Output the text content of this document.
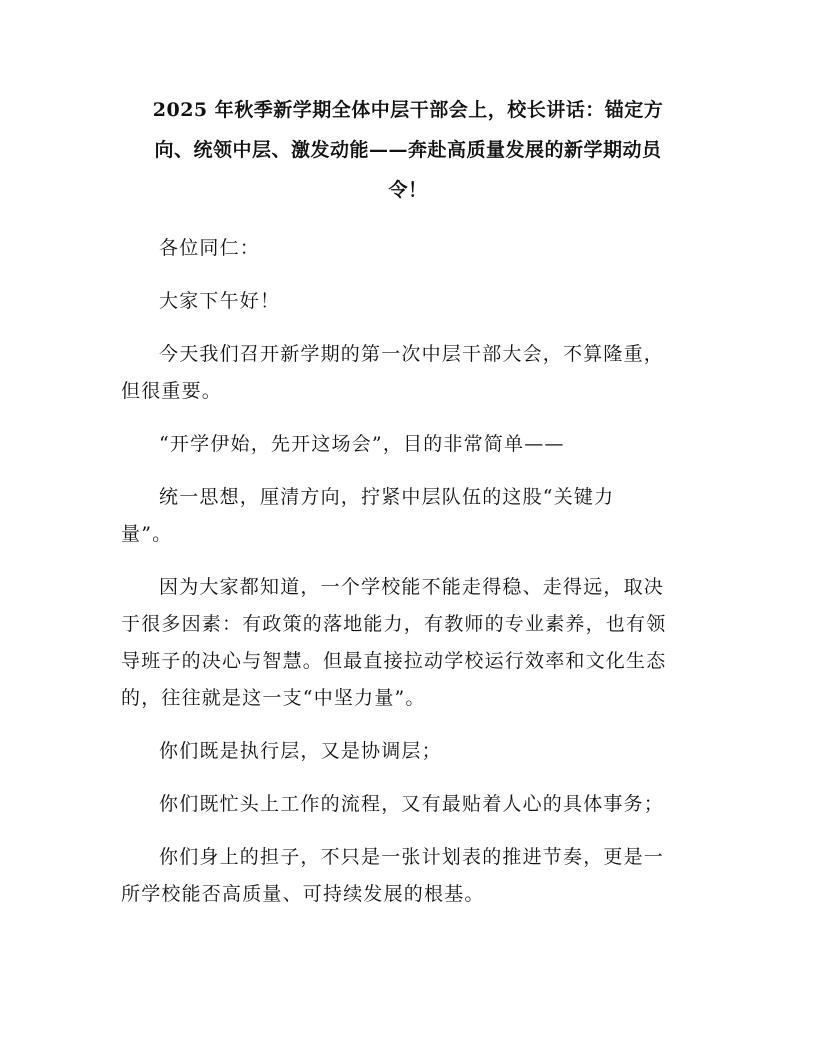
2025 年秋季新学期全体中层干部会上，校长讲话：锚定方
向、统领中层、激发动能——奔赴高质量发展的新学期动员
令！

各位同仁：

大家下午好！

今天我们召开新学期的第一次中层干部大会，不算隆重，
但很重要。

“开学伊始，先开这场会”，目的非常简单——

统一思想，厘清方向，拧紧中层队伍的这股“关键力
量”。

因为大家都知道，一个学校能不能走得稳、走得远，取决
于很多因素：有政策的落地能力，有教师的专业素养，也有领
导班子的决心与智慧。但最直接拉动学校运行效率和文化生态
的，往往就是这一支“中坚力量”。

你们既是执行层，又是协调层；

你们既忙头上工作的流程，又有最贴着人心的具体事务；

你们身上的担子，不只是一张计划表的推进节奏，更是一
所学校能否高质量、可持续发展的根基。
